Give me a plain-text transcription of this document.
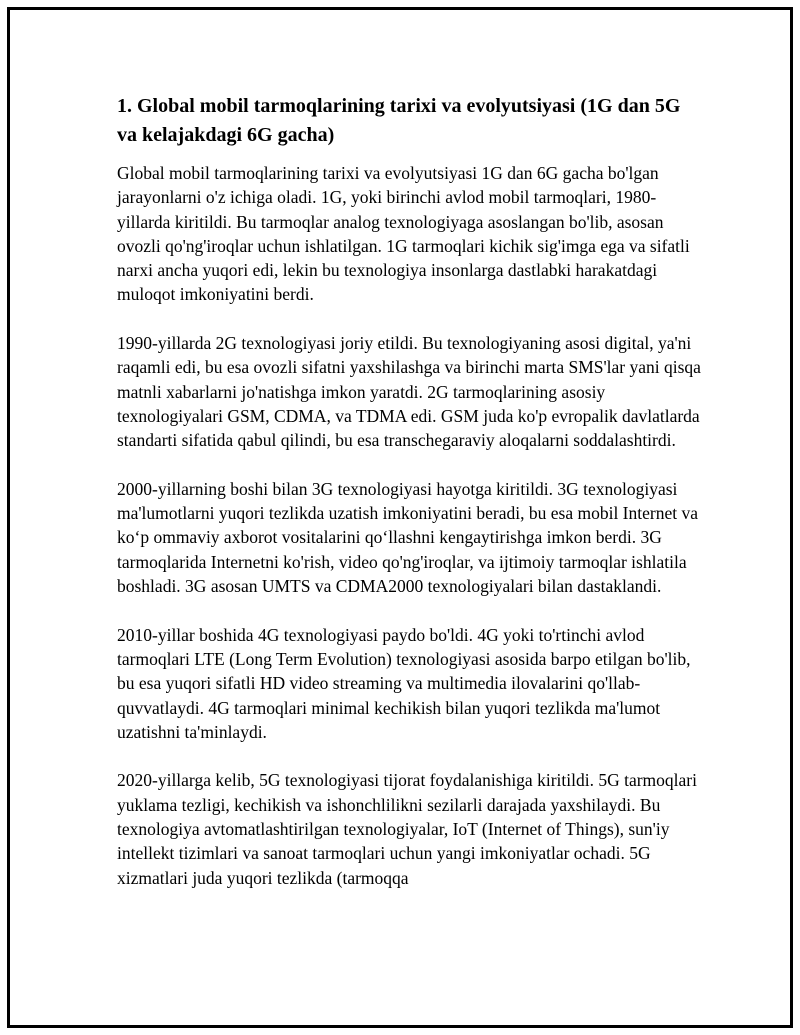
1. Global mobil tarmoqlarining tarixi va evolyutsiyasi (1G dan 5G va kelajakdagi 6G gacha)

Global mobil tarmoqlarining tarixi va evolyutsiyasi 1G dan 6G gacha bo'lgan jarayonlarni o'z ichiga oladi. 1G, yoki birinchi avlod mobil tarmoqlari, 1980-yillarda kiritildi. Bu tarmoqlar analog texnologiyaga asoslangan bo'lib, asosan ovozli qo'ng'iroqlar uchun ishlatilgan. 1G tarmoqlari kichik sig'imga ega va sifatli narxi ancha yuqori edi, lekin bu texnologiya insonlarga dastlabki harakatdagi muloqot imkoniyatini berdi.

1990-yillarda 2G texnologiyasi joriy etildi. Bu texnologiyaning asosi digital, ya'ni raqamli edi, bu esa ovozli sifatni yaxshilashga va birinchi marta SMS'lar yani qisqa matnli xabarlarni jo'natishga imkon yaratdi. 2G tarmoqlarining asosiy texnologiyalari GSM, CDMA, va TDMA edi. GSM juda ko'p evropalik davlatlarda standarti sifatida qabul qilindi, bu esa transchegaraviy aloqalarni soddalashtirdi.

2000-yillarning boshi bilan 3G texnologiyasi hayotga kiritildi. 3G texnologiyasi ma'lumotlarni yuqori tezlikda uzatish imkoniyatini beradi, bu esa mobil Internet va ko‘p ommaviy axborot vositalarini qo‘llashni kengaytirishga imkon berdi. 3G tarmoqlarida Internetni ko'rish, video qo'ng'iroqlar, va ijtimoiy tarmoqlar ishlatila boshladi. 3G asosan UMTS va CDMA2000 texnologiyalari bilan dastaklandi.

2010-yillar boshida 4G texnologiyasi paydo bo'ldi. 4G yoki to'rtinchi avlod tarmoqlari LTE (Long Term Evolution) texnologiyasi asosida barpo etilgan bo'lib, bu esa yuqori sifatli HD video streaming va multimedia ilovalarini qo'llab-quvvatlaydi. 4G tarmoqlari minimal kechikish bilan yuqori tezlikda ma'lumot uzatishni ta'minlaydi.

2020-yillarga kelib, 5G texnologiyasi tijorat foydalanishiga kiritildi. 5G tarmoqlari yuklama tezligi, kechikish va ishonchlilikni sezilarli darajada yaxshilaydi. Bu texnologiya avtomatlashtirilgan texnologiyalar, IoT (Internet of Things), sun'iy intellekt tizimlari va sanoat tarmoqlari uchun yangi imkoniyatlar ochadi. 5G xizmatlari juda yuqori tezlikda (tarmoqqa
